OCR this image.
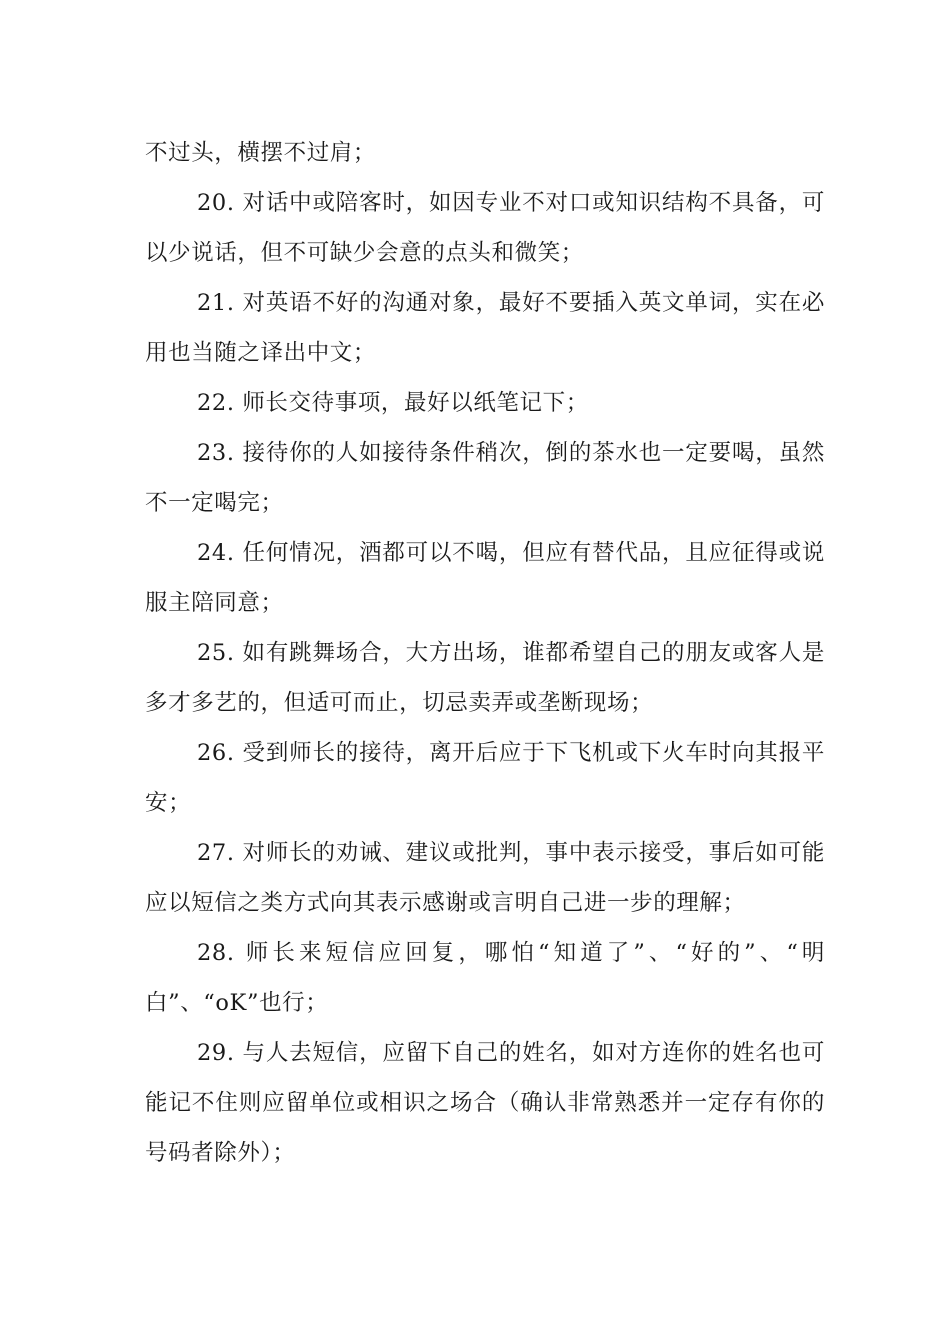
不过头，横摆不过肩；

20. 对话中或陪客时，如因专业不对口或知识结构不具备，可以少说话，但不可缺少会意的点头和微笑；

21. 对英语不好的沟通对象，最好不要插入英文单词，实在必用也当随之译出中文；

22. 师长交待事项，最好以纸笔记下；

23. 接待你的人如接待条件稍次，倒的茶水也一定要喝，虽然不一定喝完；

24. 任何情况，酒都可以不喝，但应有替代品，且应征得或说服主陪同意；

25. 如有跳舞场合，大方出场，谁都希望自己的朋友或客人是多才多艺的，但适可而止，切忌卖弄或垄断现场；

26. 受到师长的接待，离开后应于下飞机或下火车时向其报平安；

27. 对师长的劝诫、建议或批判，事中表示接受，事后如可能应以短信之类方式向其表示感谢或言明自己进一步的理解；

28. 师长来短信应回复，哪怕“知道了”、“好的”、“明白”、“oK”也行；

29. 与人去短信，应留下自己的姓名，如对方连你的姓名也可能记不住则应留单位或相识之场合（确认非常熟悉并一定存有你的号码者除外）；
